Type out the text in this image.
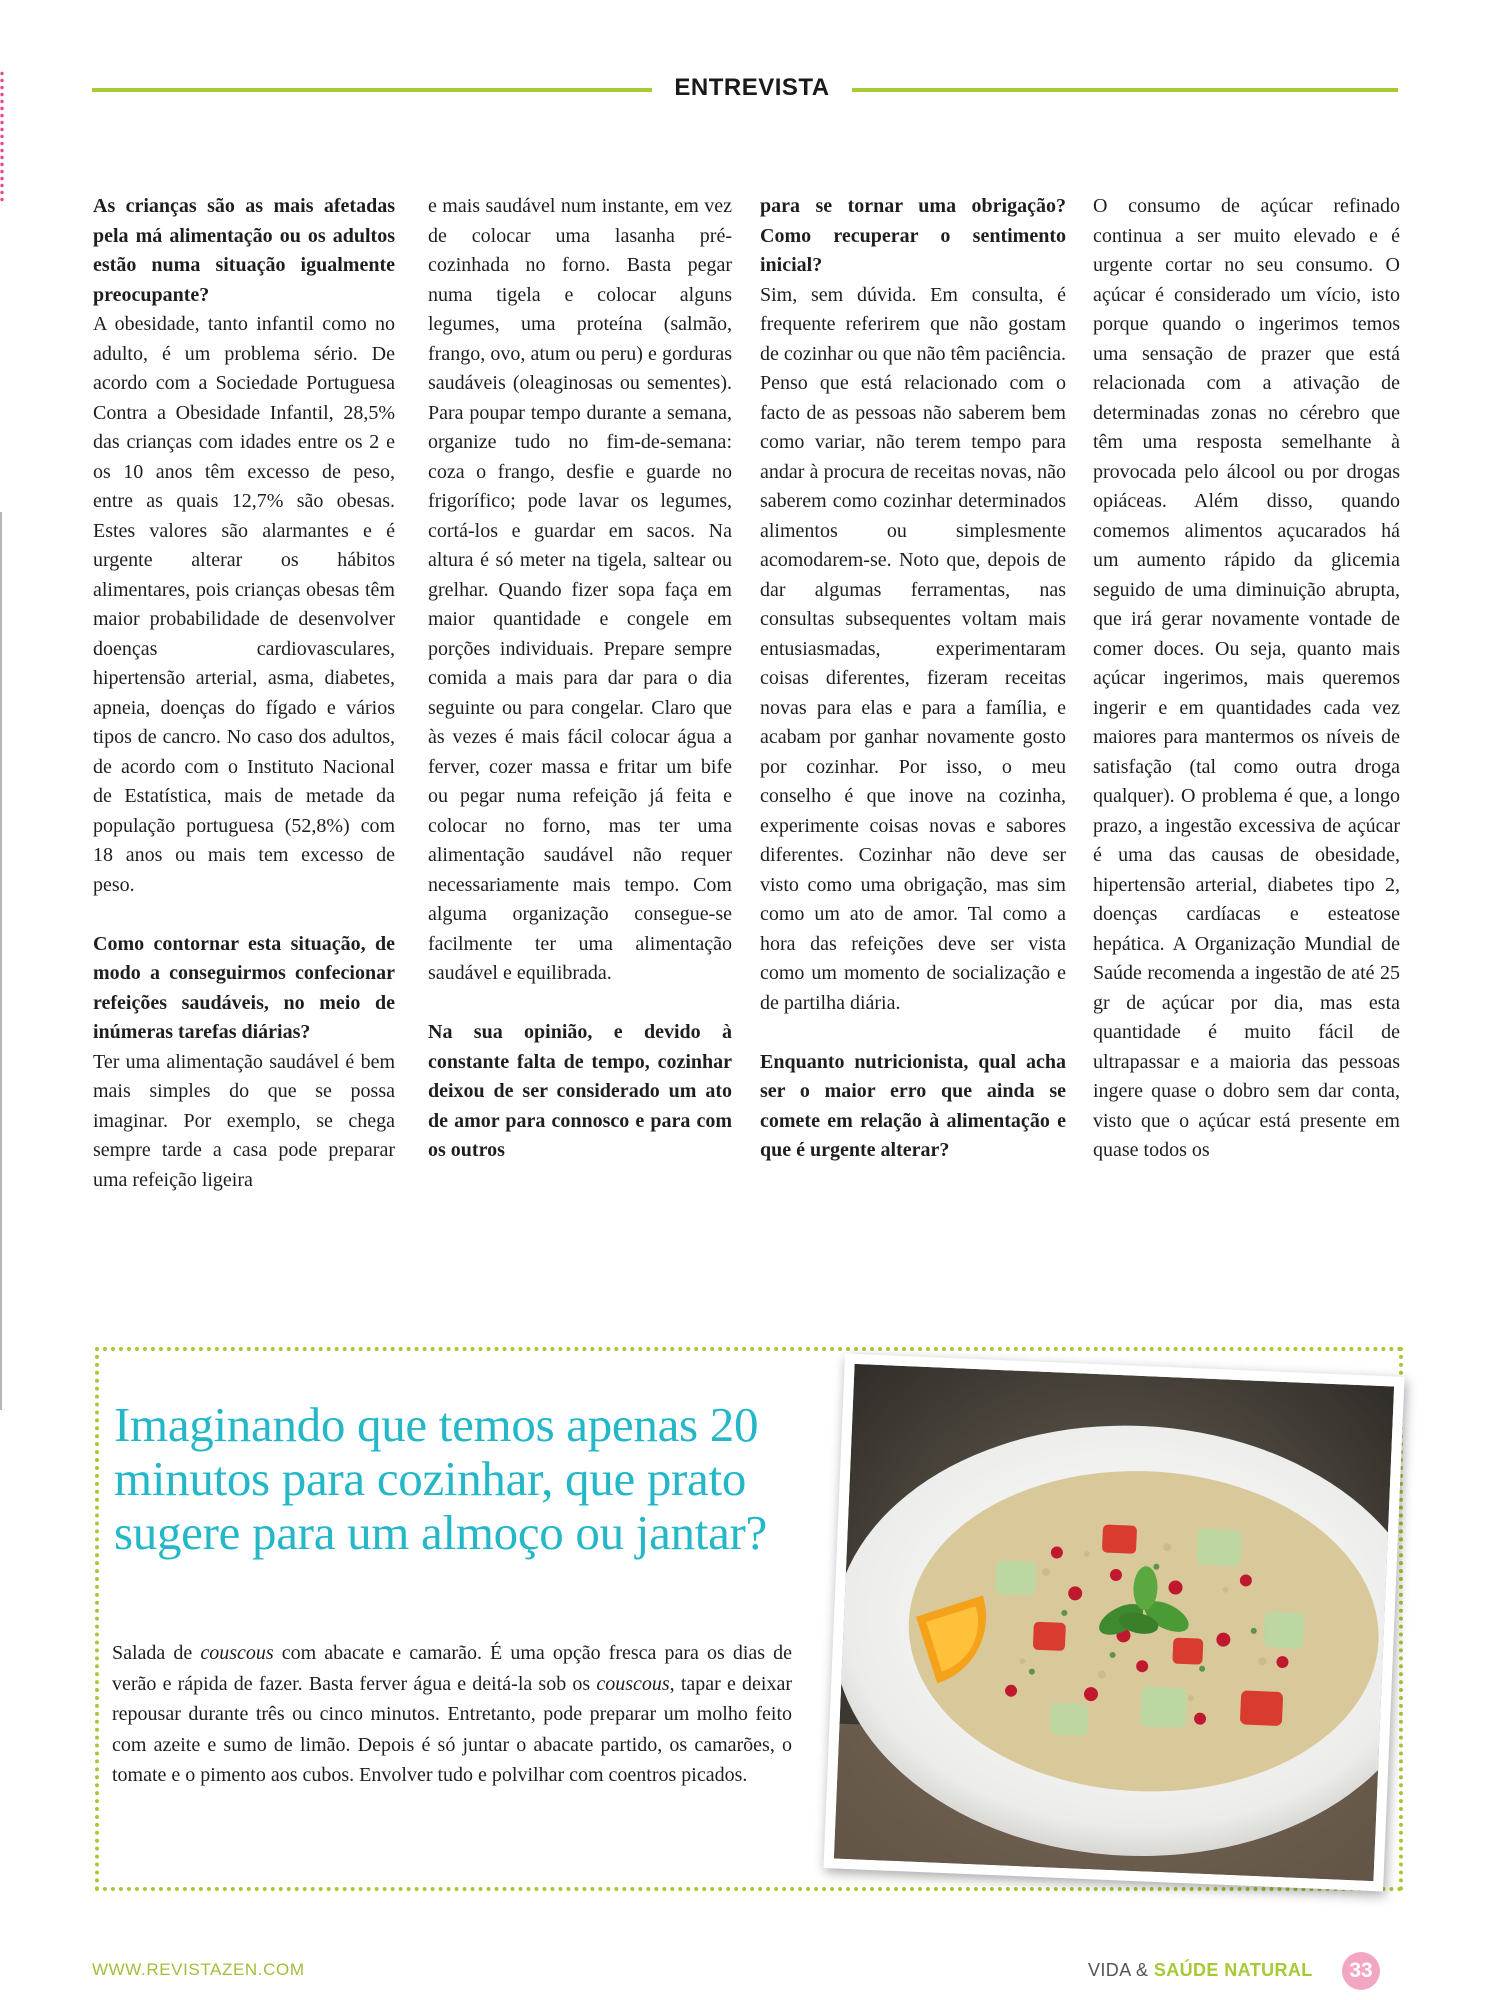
ENTREVISTA

As crianças são as mais afetadas pela má alimentação ou os adultos estão numa situação igualmente preocupante?

A obesidade, tanto infantil como no adulto, é um problema sério. De acordo com a Sociedade Portuguesa Contra a Obesidade Infantil, 28,5% das crianças com idades entre os 2 e os 10 anos têm excesso de peso, entre as quais 12,7% são obesas. Estes valores são alarmantes e é urgente alterar os hábitos alimentares, pois crianças obesas têm maior probabilidade de desenvolver doenças cardiovasculares, hipertensão arterial, asma, diabetes, apneia, doenças do fígado e vários tipos de cancro. No caso dos adultos, de acordo com o Instituto Nacional de Estatística, mais de metade da população portuguesa (52,8%) com 18 anos ou mais tem excesso de peso.

Como contornar esta situação, de modo a conseguirmos confecionar refeições saudáveis, no meio de inúmeras tarefas diárias?

Ter uma alimentação saudável é bem mais simples do que se possa imaginar. Por exemplo, se chega sempre tarde a casa pode preparar uma refeição ligeira

e mais saudável num instante, em vez de colocar uma lasanha pré-cozinhada no forno. Basta pegar numa tigela e colocar alguns legumes, uma proteína (salmão, frango, ovo, atum ou peru) e gorduras saudáveis (oleaginosas ou sementes). Para poupar tempo durante a semana, organize tudo no fim-de-semana: coza o frango, desfie e guarde no frigorífico; pode lavar os legumes, cortá-los e guardar em sacos. Na altura é só meter na tigela, saltear ou grelhar. Quando fizer sopa faça em maior quantidade e congele em porções individuais. Prepare sempre comida a mais para dar para o dia seguinte ou para congelar. Claro que às vezes é mais fácil colocar água a ferver, cozer massa e fritar um bife ou pegar numa refeição já feita e colocar no forno, mas ter uma alimentação saudável não requer necessariamente mais tempo. Com alguma organização consegue-se facilmente ter uma alimentação saudável e equilibrada.

Na sua opinião, e devido à constante falta de tempo, cozinhar deixou de ser considerado um ato de amor para connosco e para com os outros

para se tornar uma obrigação? Como recuperar o sentimento inicial?

Sim, sem dúvida. Em consulta, é frequente referirem que não gostam de cozinhar ou que não têm paciência. Penso que está relacionado com o facto de as pessoas não saberem bem como variar, não terem tempo para andar à procura de receitas novas, não saberem como cozinhar determinados alimentos ou simplesmente acomodarem-se. Noto que, depois de dar algumas ferramentas, nas consultas subsequentes voltam mais entusiasmadas, experimentaram coisas diferentes, fizeram receitas novas para elas e para a família, e acabam por ganhar novamente gosto por cozinhar. Por isso, o meu conselho é que inove na cozinha, experimente coisas novas e sabores diferentes. Cozinhar não deve ser visto como uma obrigação, mas sim como um ato de amor. Tal como a hora das refeições deve ser vista como um momento de socialização e de partilha diária.

Enquanto nutricionista, qual acha ser o maior erro que ainda se comete em relação à alimentação e que é urgente alterar?

O consumo de açúcar refinado continua a ser muito elevado e é urgente cortar no seu consumo. O açúcar é considerado um vício, isto porque quando o ingerimos temos uma sensação de prazer que está relacionada com a ativação de determinadas zonas no cérebro que têm uma resposta semelhante à provocada pelo álcool ou por drogas opiáceas. Além disso, quando comemos alimentos açucarados há um aumento rápido da glicemia seguido de uma diminuição abrupta, que irá gerar novamente vontade de comer doces. Ou seja, quanto mais açúcar ingerimos, mais queremos ingerir e em quantidades cada vez maiores para mantermos os níveis de satisfação (tal como outra droga qualquer). O problema é que, a longo prazo, a ingestão excessiva de açúcar é uma das causas de obesidade, hipertensão arterial, diabetes tipo 2, doenças cardíacas e esteatose hepática. A Organização Mundial de Saúde recomenda a ingestão de até 25 gr de açúcar por dia, mas esta quantidade é muito fácil de ultrapassar e a maioria das pessoas ingere quase o dobro sem dar conta, visto que o açúcar está presente em quase todos os

Imaginando que temos apenas 20 minutos para cozinhar, que prato sugere para um almoço ou jantar?

Salada de couscous com abacate e camarão. É uma opção fresca para os dias de verão e rápida de fazer. Basta ferver água e deitá-la sob os couscous, tapar e deixar repousar durante três ou cinco minutos. Entretanto, pode preparar um molho feito com azeite e sumo de limão. Depois é só juntar o abacate partido, os camarões, o tomate e o pimento aos cubos. Envolver tudo e polvilhar com coentros picados.

WWW.REVISTAZEN.COM	VIDA & SAÚDE NATURAL	33
